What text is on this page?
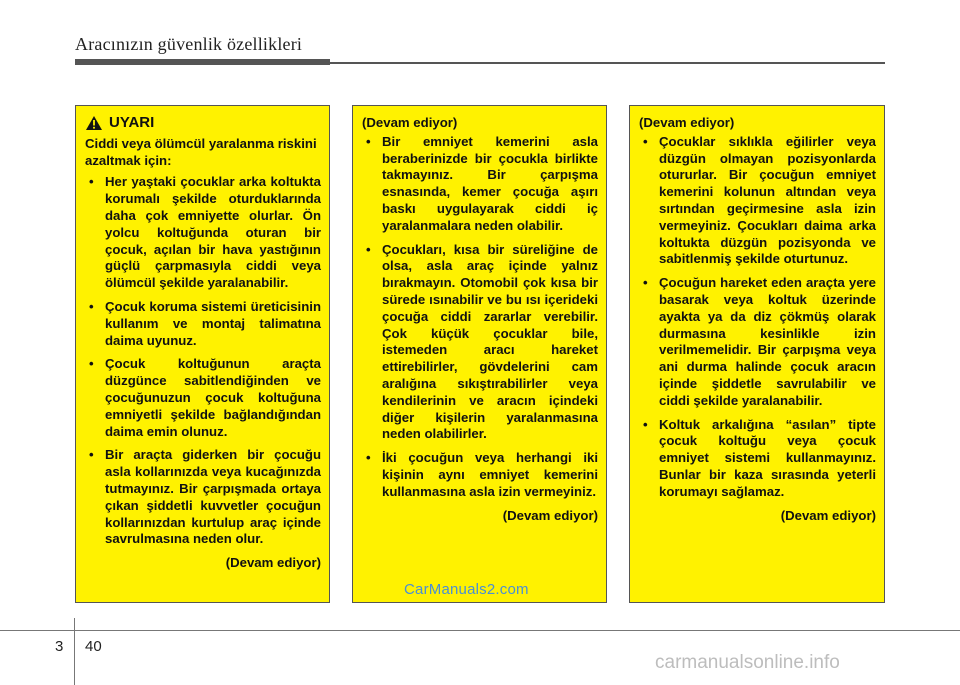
Aracınızın güvenlik özellikleri
UYARI

Ciddi veya ölümcül yaralanma riskini azaltmak için:

• Her yaştaki çocuklar arka koltukta korumalı şekilde oturduklarında daha çok emniyette olurlar. Ön yolcu koltuğunda oturan bir çocuk, açılan bir hava yastığının güçlü çarpmasıyla ciddi veya ölümcül şekilde yaralanabilir.
• Çocuk koruma sistemi üreticisinin kullanım ve montaj talimatına daima uyunuz.
• Çocuk koltuğunun araçta düzgünce sabitlendiğinden ve çocuğunuzun çocuk koltuğuna emniyetli şekilde bağlandığından daima emin olunuz.
• Bir araçta giderken bir çocuğu asla kollarınızda veya kucağınızda tutmayınız. Bir çarpışmada ortaya çıkan şiddetli kuvvetler çocuğun kollarınızdan kurtulup araç içinde savrulmasına neden olur.
(Devam ediyor)

(Devam ediyor)

• Bir emniyet kemerini asla beraberinizde bir çocukla birlikte takmayınız. Bir çarpışma esnasında, kemer çocuğa aşırı baskı uygulayarak ciddi iç yaralanmalara neden olabilir.
• Çocukları, kısa bir süreliğine de olsa, asla araç içinde yalnız bırakmayın. Otomobil çok kısa bir sürede ısınabilir ve bu ısı içerideki çocuğa ciddi zararlar verebilir. Çok küçük çocuklar bile, istemeden aracı hareket ettirebilirler, gövdelerini cam aralığına sıkıştırabilirler veya kendilerinin ve aracın içindeki diğer kişilerin yaralanmasına neden olabilirler.
• İki çocuğun veya herhangi iki kişinin aynı emniyet kemerini kullanmasına asla izin vermeyiniz.
(Devam ediyor)

(Devam ediyor)

• Çocuklar sıklıkla eğilirler veya düzgün olmayan pozisyonlarda otururlar. Bir çocuğun emniyet kemerini kolunun altından veya sırtından geçirmesine asla izin vermeyiniz. Çocukları daima arka koltukta düzgün pozisyonda ve sabitlenmiş şekilde oturtunuz.
• Çocuğun hareket eden araçta yere basarak veya koltuk üzerinde ayakta ya da diz çökmüş olarak durmasına kesinlikle izin verilmemelidir. Bir çarpışma veya ani durma halinde çocuk aracın içinde şiddetle savrulabilir ve ciddi şekilde yaralanabilir.
• Koltuk arkalığına “asılan” tipte çocuk koltuğu veya çocuk emniyet sistemi kullanmayınız. Bunlar bir kaza sırasında yeterli korumayı sağlamaz.
(Devam ediyor)
CarManuals2.com
3 40
carmanualsonline.info
